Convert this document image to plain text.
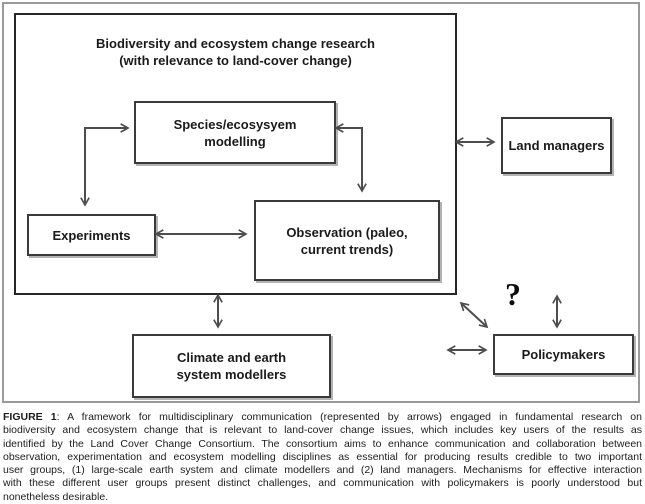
Biodiversity and ecosystem change research
(with relevance to land-cover change)
Species/ecosysyem
modelling
Experiments	Observation (paleo,
current trends)
Land managers
Climate and earth
system modellers
Policymakers
?
FIGURE 1: A framework for multidisciplinary communication (represented by arrows) engaged in fundamental research on
biodiversity and ecosystem change that is relevant to land-cover change issues, which includes key users of the results as
identified by the Land Cover Change Consortium. The consortium aims to enhance communication and collaboration between
observation, experimentation and ecosystem modelling disciplines as essential for producing results credible to two important
user groups, (1) large-scale earth system and climate modellers and (2) land managers. Mechanisms for effective interaction
with these different user groups present distinct challenges, and communication with policymakers is poorly understood but
nonetheless desirable.
